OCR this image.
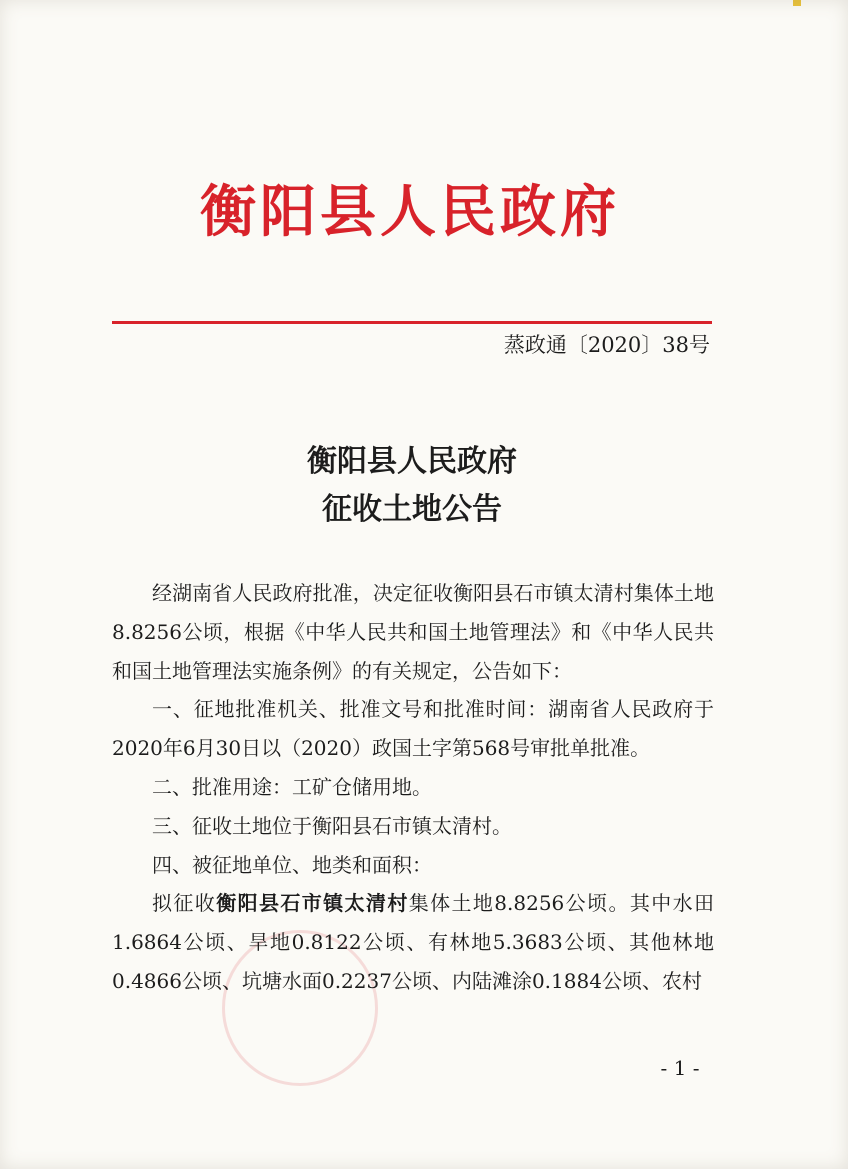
衡阳县人民政府
蒸政通〔2020〕38号
衡阳县人民政府
征收土地公告

经湖南省人民政府批准，决定征收衡阳县石市镇太清村集体土地8.8256公顷，根据《中华人民共和国土地管理法》和《中华人民共和国土地管理法实施条例》的有关规定，公告如下：

一、征地批准机关、批准文号和批准时间：湖南省人民政府于2020年6月30日以（2020）政国土字第568号审批单批准。

二、批准用途：工矿仓储用地。

三、征收土地位于衡阳县石市镇太清村。

四、被征地单位、地类和面积：

拟征收衡阳县石市镇太清村集体土地8.8256公顷。其中水田1.6864公顷、旱地0.8122公顷、有林地5.3683公顷、其他林地0.4866公顷、坑塘水面0.2237公顷、内陆滩涂0.1884公顷、农村

- 1 -
